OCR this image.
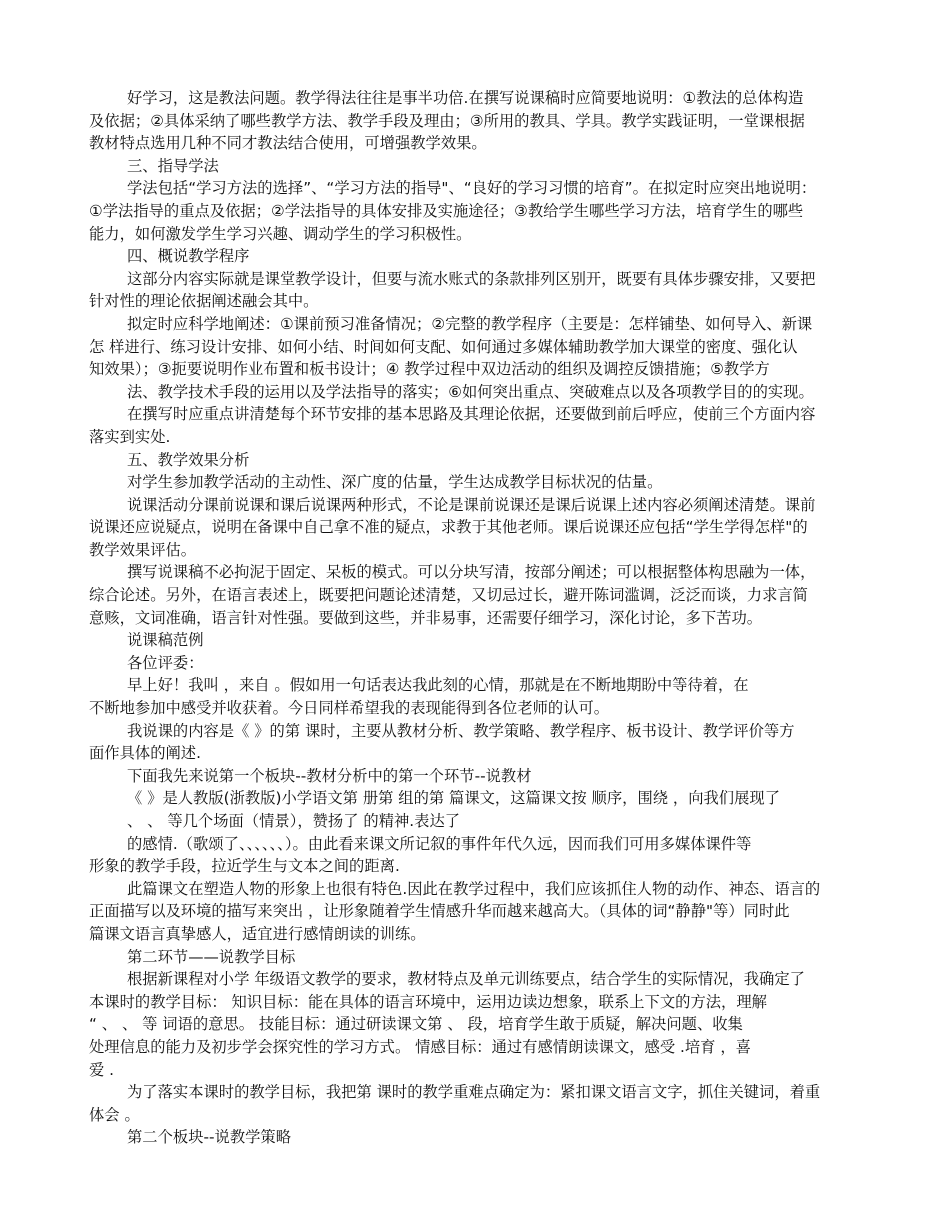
好学习，这是教法问题。教学得法往往是事半功倍.在撰写说课稿时应简要地说明：①教法的总体构造

及依据；②具体采纳了哪些教学方法、教学手段及理由；③所用的教具、学具。教学实践证明，一堂课根据

教材特点选用几种不同才教法结合使用，可增强教学效果。

三、指导学法

学法包括“学习方法的选择”、“学习方法的指导"、“良好的学习习惯的培育”。在拟定时应突出地说明：

①学法指导的重点及依据；②学法指导的具体安排及实施途径；③教给学生哪些学习方法，培育学生的哪些

能力，如何激发学生学习兴趣、调动学生的学习积极性。

四、概说教学程序

这部分内容实际就是课堂教学设计，但要与流水账式的条款排列区别开，既要有具体步骤安排，又要把

针对性的理论依据阐述融会其中。

拟定时应科学地阐述：①课前预习准备情况；②完整的教学程序（主要是：怎样铺垫、如何导入、新课

怎 样进行、练习设计安排、如何小结、时间如何支配、如何通过多媒体辅助教学加大课堂的密度、强化认

知效果）；③扼要说明作业布置和板书设计；④ 教学过程中双边活动的组织及调控反馈措施；⑤教学方

法、教学技术手段的运用以及学法指导的落实；⑥如何突出重点、突破难点以及各项教学目的的实现。

在撰写时应重点讲清楚每个环节安排的基本思路及其理论依据，还要做到前后呼应，使前三个方面内容

落实到实处.

五、教学效果分析

对学生参加教学活动的主动性、深广度的估量，学生达成教学目标状况的估量。

说课活动分课前说课和课后说课两种形式，不论是课前说课还是课后说课上述内容必须阐述清楚。课前

说课还应说疑点，说明在备课中自己拿不准的疑点，求教于其他老师。课后说课还应包括“学生学得怎样"的

教学效果评估。

撰写说课稿不必拘泥于固定、呆板的模式。可以分块写清，按部分阐述；可以根据整体构思融为一体，

综合论述。另外，在语言表述上，既要把问题论述清楚，又切忌过长，避开陈词滥调，泛泛而谈，力求言简

意赅，文词准确，语言针对性强。要做到这些，并非易事，还需要仔细学习，深化讨论，多下苦功。

说课稿范例

各位评委：

早上好！我叫 ，来自 。假如用一句话表达我此刻的心情，那就是在不断地期盼中等待着，在

不断地参加中感受并收获着。今日同样希望我的表现能得到各位老师的认可。

我说课的内容是《 》的第 课时，主要从教材分析、教学策略、教学程序、板书设计、教学评价等方

面作具体的阐述.

下面我先来说第一个板块--教材分析中的第一个环节--说教材

《 》是人教版(浙教版)小学语文第 册第 组的第 篇课文，这篇课文按 顺序，围绕 ，向我们展现了

、 、 等几个场面（情景），赞扬了 的精神.表达了

的感情.（歌颂了、、、、、、）。由此看来课文所记叙的事件年代久远，因而我们可用多媒体课件等

形象的教学手段，拉近学生与文本之间的距离.

此篇课文在塑造人物的形象上也很有特色.因此在教学过程中，我们应该抓住人物的动作、神态、语言的

正面描写以及环境的描写来突出 ，让形象随着学生情感升华而越来越高大。（具体的词“静静"等）同时此

篇课文语言真挚感人，适宜进行感情朗读的训练。

第二环节——说教学目标

根据新课程对小学 年级语文教学的要求，教材特点及单元训练要点，结合学生的实际情况，我确定了

本课时的教学目标： 知识目标：能在具体的语言环境中，运用边读边想象，联系上下文的方法，理解

“ 、 、 等 词语的意思。 技能目标：通过研读课文第 、 段，培育学生敢于质疑，解决问题、收集

处理信息的能力及初步学会探究性的学习方式。 情感目标：通过有感情朗读课文，感受 .培育 ，喜

爱 .

为了落实本课时的教学目标，我把第 课时的教学重难点确定为：紧扣课文语言文字，抓住关键词，着重

体会 。

第二个板块--说教学策略
